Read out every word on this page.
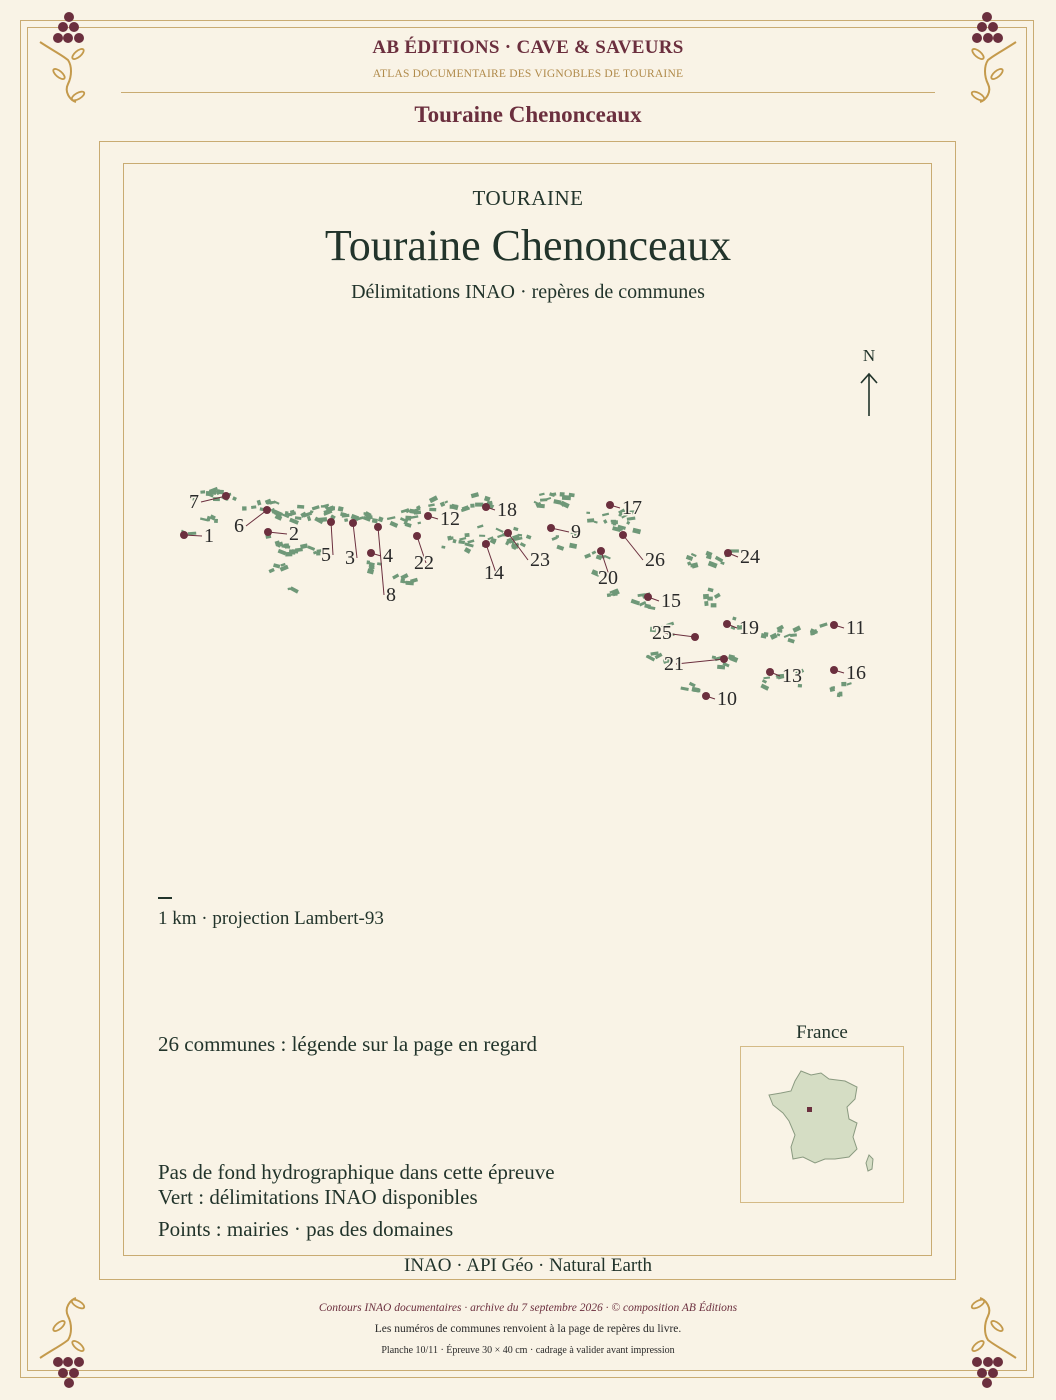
AB ÉDITIONS · CAVE & SAVEURS
ATLAS DOCUMENTAIRE DES VIGNOBLES DE TOURAINE
Touraine Chenonceaux
TOURAINE
Touraine Chenonceaux
Délimitations INAO · repères de communes
N
1	2
3 4
5
6
7
8
9
10
11
12
13
14
15
16
17
18
19
20
21
22	23	24
25
26
1 km · projection Lambert-93
26 communes : légende sur la page en regard
Pas de fond hydrographique dans cette épreuve
Vert : délimitations INAO disponibles
Points : mairies · pas des domaines
France
INAO · API Géo · Natural Earth
Contours INAO documentaires · archive du 7 septembre 2026 · © composition AB Éditions
Les numéros de communes renvoient à la page de repères du livre.
Planche 10/11 · Épreuve 30 × 40 cm · cadrage à valider avant impression
